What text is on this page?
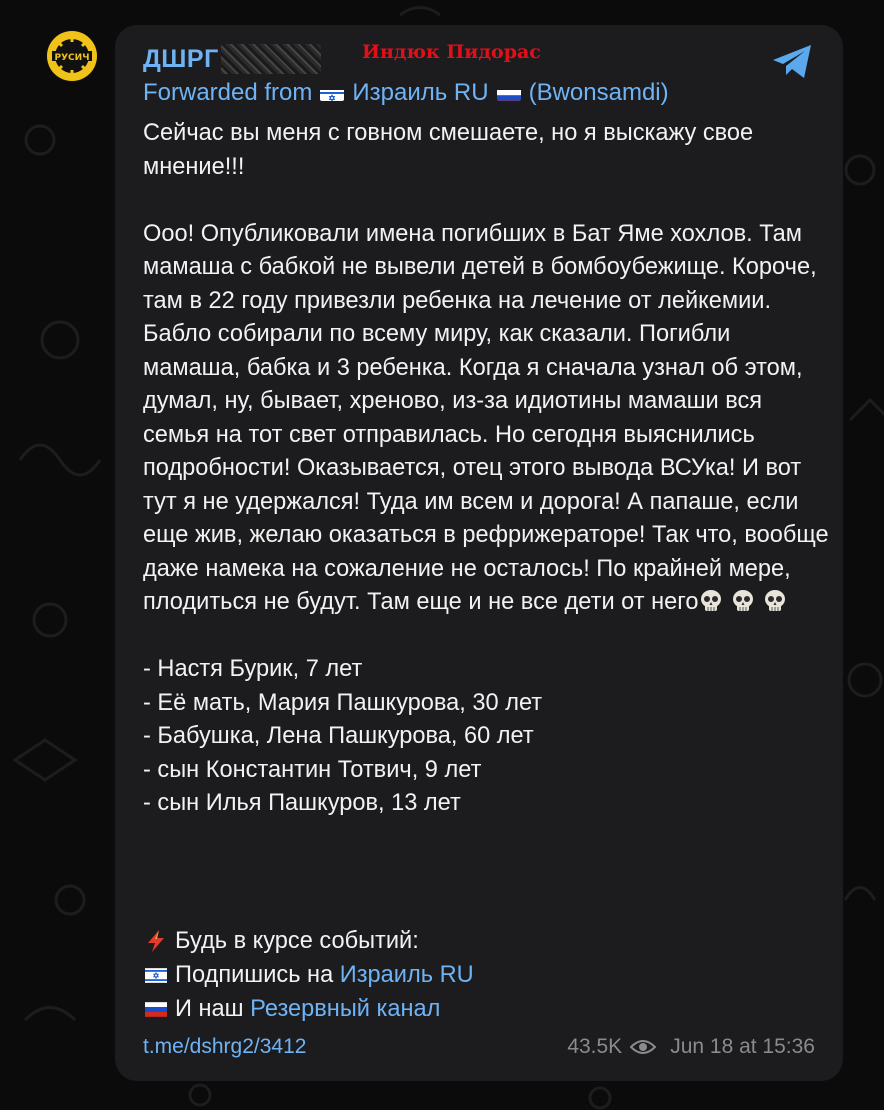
РУСИЧ ДШРГ	Индюк Пидорас
Forwarded from Израиль RU (Bwonsamdi)
Сейчас вы меня с говном смешаете, но я выскажу свое мнение!!!

Ооо! Опубликовали имена погибших в Бат Яме хохлов. Там мамаша с бабкой не вывели детей в бомбоубежище. Короче, там в 22 году привезли ребенка на лечение от лейкемии. Бабло собирали по всему миру, как сказали. Погибли мамаша, бабка и 3 ребенка. Когда я сначала узнал об этом, думал, ну, бывает, хреново, из-за идиотины мамаши вся семья на тот свет отправилась. Но сегодня выяснились подробности! Оказывается, отец этого вывода ВСУка! И вот тут я не удержался! Туда им всем и дорога! А папаше, если еще жив, желаю оказаться в рефрижераторе! Так что, вообще даже намека на сожаление не осталось! По крайней мере, плодиться не будут. Там еще и не все дети от него

- Настя Бурик, 7 лет
- Её мать, Мария Пашкурова, 30 лет
- Бабушка, Лена Пашкурова, 60 лет
- сын Константин Тотвич, 9 лет
- сын Илья Пашкуров, 13 лет
Будь в курсе событий:
Подпишись на Израиль RU
И наш Резервный канал
t.me/dshrg2/3412	43.5K Jun 18 at 15:36
